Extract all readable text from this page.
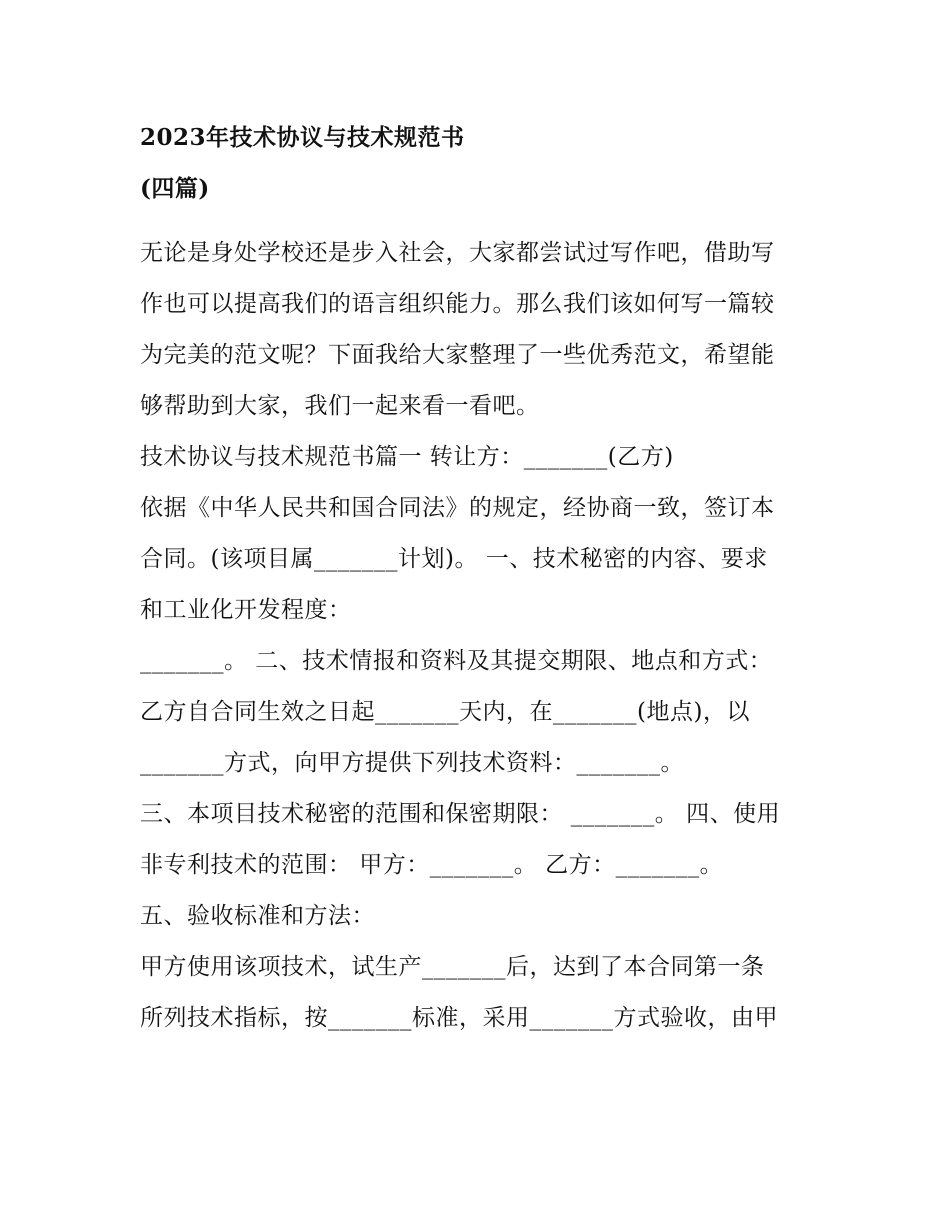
2023年技术协议与技术规范书
(四篇)
无论是身处学校还是步入社会，大家都尝试过写作吧，借助写
作也可以提高我们的语言组织能力。那么我们该如何写一篇较
为完美的范文呢？下面我给大家整理了一些优秀范文，希望能
够帮助到大家，我们一起来看一看吧。
技术协议与技术规范书篇一 转让方：_______(乙方)
依据《中华人民共和国合同法》的规定，经协商一致，签订本
合同。(该项目属_______计划)。 一、技术秘密的内容、要求
和工业化开发程度：
_______。 二、技术情报和资料及其提交期限、地点和方式：
乙方自合同生效之日起_______天内，在_______(地点)，以
_______方式，向甲方提供下列技术资料：_______。
三、本项目技术秘密的范围和保密期限： _______。 四、使用
非专利技术的范围： 甲方：_______。 乙方：_______。
五、验收标准和方法：
甲方使用该项技术，试生产_______后，达到了本合同第一条
所列技术指标，按_______标准，采用_______方式验收，由甲
